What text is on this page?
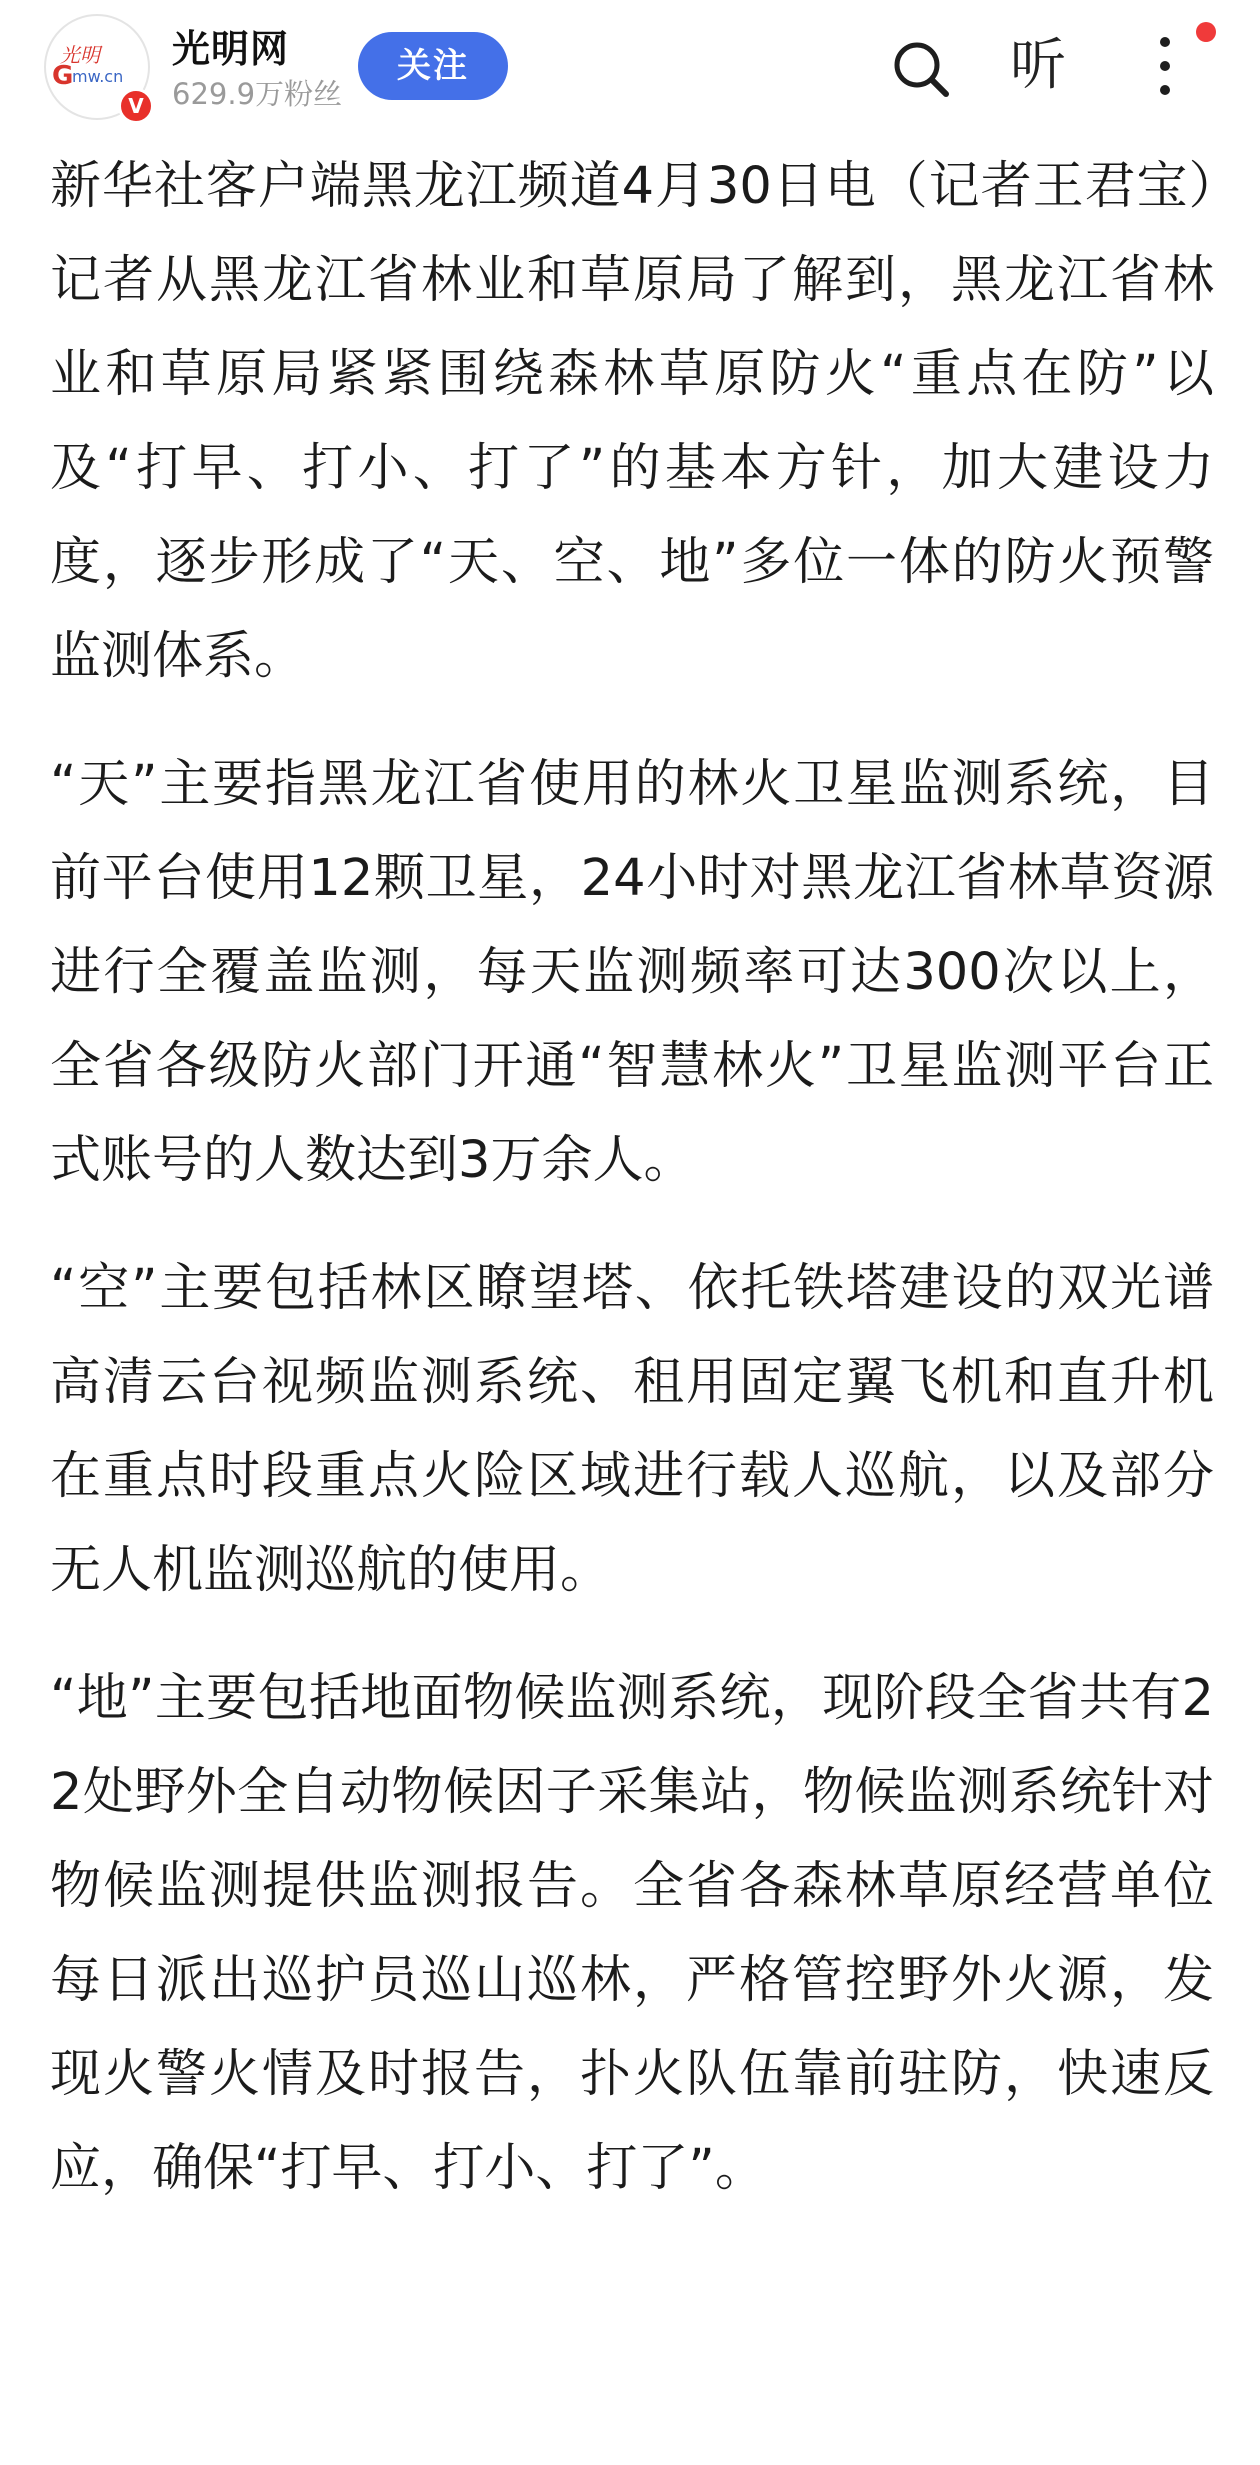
光明
G
mw.cn
V
光明网
629.9万粉丝
关注	听

新华社客户端黑龙江频道4月30日电（记者王君宝）记者从黑龙江省林业和草原局了解到，黑龙江省林业和草原局紧紧围绕森林草原防火“重点在防”以及“打早、打小、打了”的基本方针，加大建设力度，逐步形成了“天、空、地”多位一体的防火预警监测体系。

“天”主要指黑龙江省使用的林火卫星监测系统，目前平台使用12颗卫星，24小时对黑龙江省林草资源进行全覆盖监测，每天监测频率可达300次以上，全省各级防火部门开通“智慧林火”卫星监测平台正式账号的人数达到3万余人。

“空”主要包括林区瞭望塔、依托铁塔建设的双光谱高清云台视频监测系统、租用固定翼飞机和直升机在重点时段重点火险区域进行载人巡航，以及部分无人机监测巡航的使用。

“地”主要包括地面物候监测系统，现阶段全省共有22处野外全自动物候因子采集站，物候监测系统针对物候监测提供监测报告。全省各森林草原经营单位每日派出巡护员巡山巡林，严格管控野外火源，发现火警火情及时报告，扑火队伍靠前驻防，快速反应，确保“打早、打小、打了”。
